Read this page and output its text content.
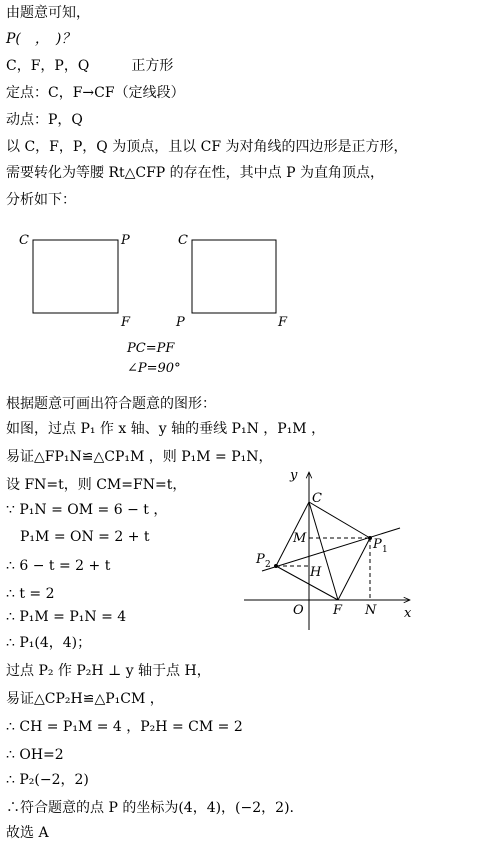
由题意可知，
P(　，　)？
C，F，P，Q　　　正方形
定点：C，F→CF（定线段）
动点：P，Q
以 C，F，P，Q 为顶点，且以 CF 为对角线的四边形是正方形，
需要转化为等腰 Rt△CFP 的存在性，其中点 P 为直角顶点，
分析如下：
C	P
F
C
P	F
PC=PF
∠P=90°
根据题意可画出符合题意的图形：
如图，过点 P₁ 作 x 轴、y 轴的垂线 P₁N ，P₁M ，
易证△FP₁N≌△CP₁M ，则 P₁M = P₁N，
设 FN=t，则 CM=FN=t，
∵ P₁N = OM = 6 − t ，
　P₁M = ON = 2 + t
∴ 6 − t = 2 + t
∴ t = 2
∴ P₁M = P₁N = 4
∴ P₁(4，4)；
过点 P₂ 作 P₂H ⊥ y 轴于点 H，
易证△CP₂H≌△P₁CM ，
∴ CH = P₁M = 4 ，P₂H = CM = 2
∴ OH=2
∴ P₂(−2，2)
∴符合题意的点 P 的坐标为(4，4)，(−2，2).
故选 A
y
x
O F N
C
M
H
P 1
P 2
